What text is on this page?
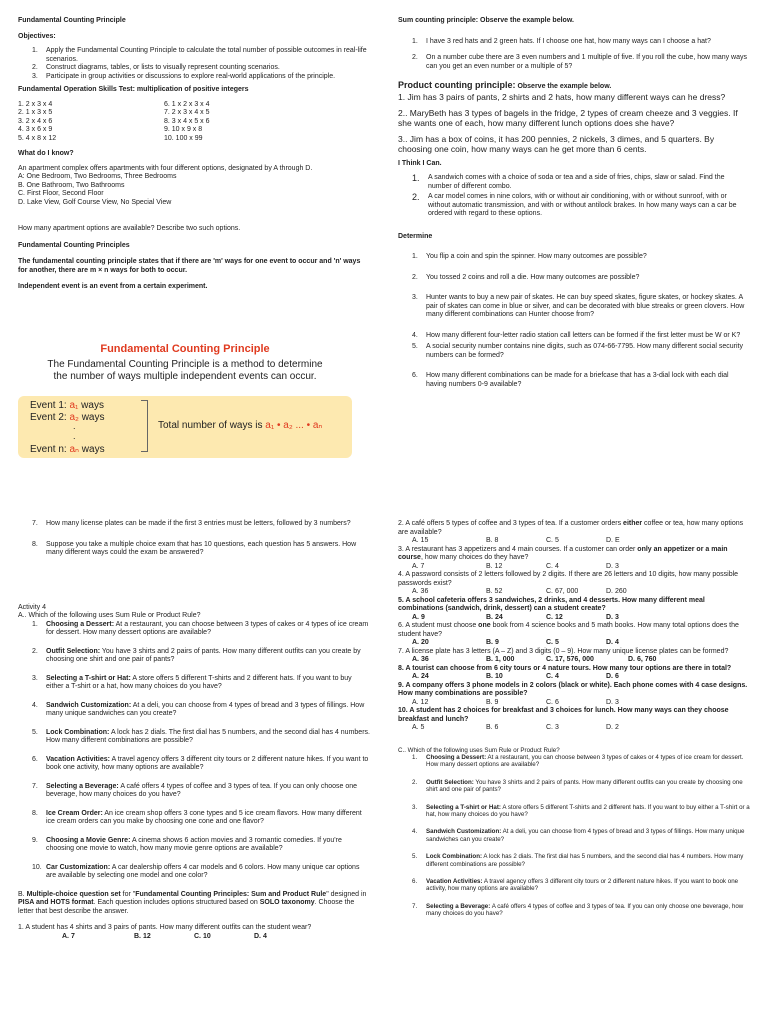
Fundamental Counting Principle
Objectives:
1.	Apply the Fundamental Counting Principle to calculate the total number of possible outcomes in real-life scenarios.
2.	Construct diagrams, tables, or lists to visually represent counting scenarios.
3.	Participate in group activities or discussions to explore real-world applications of the principle.
Fundamental Operation Skills Test: multiplication of positive integers
1. 2 x 3 x 4
2. 1 x 3 x 5
3. 2 x 4 x 6
4. 3 x 6 x 9
5. 4 x 8 x 12
6. 1 x 2 x 3 x 4
7. 2 x 3 x 4 x 5
8. 3 x 4 x 5 x 6
9. 10 x 9 x 8
10. 100 x 99
What do I know?
An apartment complex offers apartments with four different options, designated by A through D.
A: One Bedroom, Two Bedrooms, Three Bedrooms
B. One Bathroom, Two Bathrooms
C. First Floor, Second Floor
D. Lake View, Golf Course View, No Special View
How many apartment options are available? Describe two such options.
Fundamental Counting Principles
The fundamental counting principle states that if there are 'm' ways for one event to occur and 'n' ways for another, there are m × n ways for both to occur.
Independent event is an event from a certain experiment.
Fundamental Counting Principle
The Fundamental Counting Principle is a method to determine
the number of ways multiple independent events can occur.
Event 1: a₁ ways
Event 2: a₂ ways
.
.
Event n: aₙ ways
Total number of ways is a₁ • a₂ ... • aₙ
Sum counting principle: Observe the example below.
1.	I have 3 red hats and 2 green hats. If I choose one hat, how many ways can I choose a hat?
2.	On a number cube there are 3 even numbers and 1 multiple of five. If you roll the cube, how many ways can you get an even number or a multiple of 5?
Product counting principle: Observe the example below.
1. Jim has 3 pairs of pants, 2 shirts and 2 hats, how many different ways can he dress?
2.. MaryBeth has 3 types of bagels in the fridge, 2 types of cream cheeze and 3 veggies. If she wants one of each, how many different lunch options does she have?
3.. Jim has a box of coins, it has 200 pennies, 2 nickels, 3 dimes, and 5 quarters. By choosing one coin, how many ways can he get more than 6 cents.
I Think I Can.
1.	A sandwich comes with a choice of soda or tea and a side of fries, chips, slaw or salad. Find the number of different combo.
2.	A car model comes in nine colors, with or without air conditioning, with or without sunroof, with or without automatic transmission, and with or without antilock brakes. In how many ways can a car be ordered with regard to these options.
Determine
1.	You flip a coin and spin the spinner. How many outcomes are possible?
2.	You tossed 2 coins and roll a die. How many outcomes are possible?
3.	Hunter wants to buy a new pair of skates. He can buy speed skates, figure skates, or hockey skates. A pair of skates can come in blue or silver, and can be decorated with blue streaks or green clovers. How many different combinations can Hunter choose from?
4.	How many different four-letter radio station call letters can be formed if the first letter must be W or K?
5.	A social security number contains nine digits, such as 074-66-7795. How many different social security numbers can be formed?
6.	How many different combinations can be made for a briefcase that has a 3-dial lock with each dial having numbers 0-9 available?
7.	How many license plates can be made if the first 3 entries must be letters, followed by 3 numbers?
8.	Suppose you take a multiple choice exam that has 10 questions, each question has 5 answers. How many different ways could the exam be answered?
Activity 4
A.. Which of the following uses Sum Rule or Product Rule?
1.	Choosing a Dessert: At a restaurant, you can choose between 3 types of cakes or 4 types of ice cream for dessert. How many dessert options are available?
2.	Outfit Selection: You have 3 shirts and 2 pairs of pants. How many different outfits can you create by choosing one shirt and one pair of pants?
3.	Selecting a T-shirt or Hat: A store offers 5 different T-shirts and 2 different hats. If you want to buy either a T-shirt or a hat, how many choices do you have?
4.	Sandwich Customization: At a deli, you can choose from 4 types of bread and 3 types of fillings. How many unique sandwiches can you create?
5.	Lock Combination: A lock has 2 dials. The first dial has 5 numbers, and the second dial has 4 numbers. How many different combinations are possible?
6.	Vacation Activities: A travel agency offers 3 different city tours or 2 different nature hikes. If you want to book one activity, how many options are available?
7.	Selecting a Beverage: A café offers 4 types of coffee and 3 types of tea. If you can only choose one beverage, how many choices do you have?
8.	Ice Cream Order: An ice cream shop offers 3 cone types and 5 ice cream flavors. How many different ice cream orders can you make by choosing one cone and one flavor?
9.	Choosing a Movie Genre: A cinema shows 6 action movies and 3 romantic comedies. If you're choosing one movie to watch, how many movie genre options are available?
10. Car Customization: A car dealership offers 4 car models and 6 colors. How many unique car options are available by selecting one model and one color?
B. Multiple-choice question set for "Fundamental Counting Principles: Sum and Product Rule" designed in PISA and HOTS format. Each question includes options structured based on SOLO taxonomy. Choose the letter that best describe the answer.
1. A student has 4 shirts and 3 pairs of pants. How many different outfits can the student wear?
A. 7	B. 12	C. 10	D. 4
2. A café offers 5 types of coffee and 3 types of tea. If a customer orders either coffee or tea, how many options are available?
A. 15	B. 8	C. 5	D. E
3. A restaurant has 3 appetizers and 4 main courses. If a customer can order only an appetizer or a main course, how many choices do they have?
A. 7	B. 12	C. 4	D. 3
4. A password consists of 2 letters followed by 2 digits. If there are 26 letters and 10 digits, how many possible passwords exist?
A. 36	B. 52	C. 67, 000	D. 260
5. A school cafeteria offers 3 sandwiches, 2 drinks, and 4 desserts. How many different meal combinations (sandwich, drink, dessert) can a student create?
A. 9	B. 24	C. 12	D. 3
6. A student must choose one book from 4 science books and 5 math books. How many total options does the student have?
A. 20	B. 9	C. 5	D. 4
7. A license plate has 3 letters (A – Z) and 3 digits (0 – 9). How many unique license plates can be formed?
A. 36	B. 1, 000	C. 17, 576, 000	D. 6, 760
8. A tourist can choose from 6 city tours or 4 nature tours. How many tour options are there in total?
A. 24	B. 10	C. 4	D. 6
9. A company offers 3 phone models in 2 colors (black or white). Each phone comes with 4 case designs. How many combinations are possible?
A. 12	B. 9	C. 6	D. 3
10. A student has 2 choices for breakfast and 3 choices for lunch. How many ways can they choose breakfast and lunch?
A. 5	B. 6	C. 3	D. 2
C.. Which of the following uses Sum Rule or Product Rule?
1.	Choosing a Dessert: At a restaurant, you can choose between 3 types of cakes or 4 types of ice cream for dessert. How many dessert options are available?
2.	Outfit Selection: You have 3 shirts and 2 pairs of pants. How many different outfits can you create by choosing one shirt and one pair of pants?
3.	Selecting a T-shirt or Hat: A store offers 5 different T-shirts and 2 different hats. If you want to buy either a T-shirt or a hat, how many choices do you have?
4.	Sandwich Customization: At a deli, you can choose from 4 types of bread and 3 types of fillings. How many unique sandwiches can you create?
5.	Lock Combination: A lock has 2 dials. The first dial has 5 numbers, and the second dial has 4 numbers. How many different combinations are possible?
6.	Vacation Activities: A travel agency offers 3 different city tours or 2 different nature hikes. If you want to book one activity, how many options are available?
7.	Selecting a Beverage: A café offers 4 types of coffee and 3 types of tea. If you can only choose one beverage, how many choices do you have?
